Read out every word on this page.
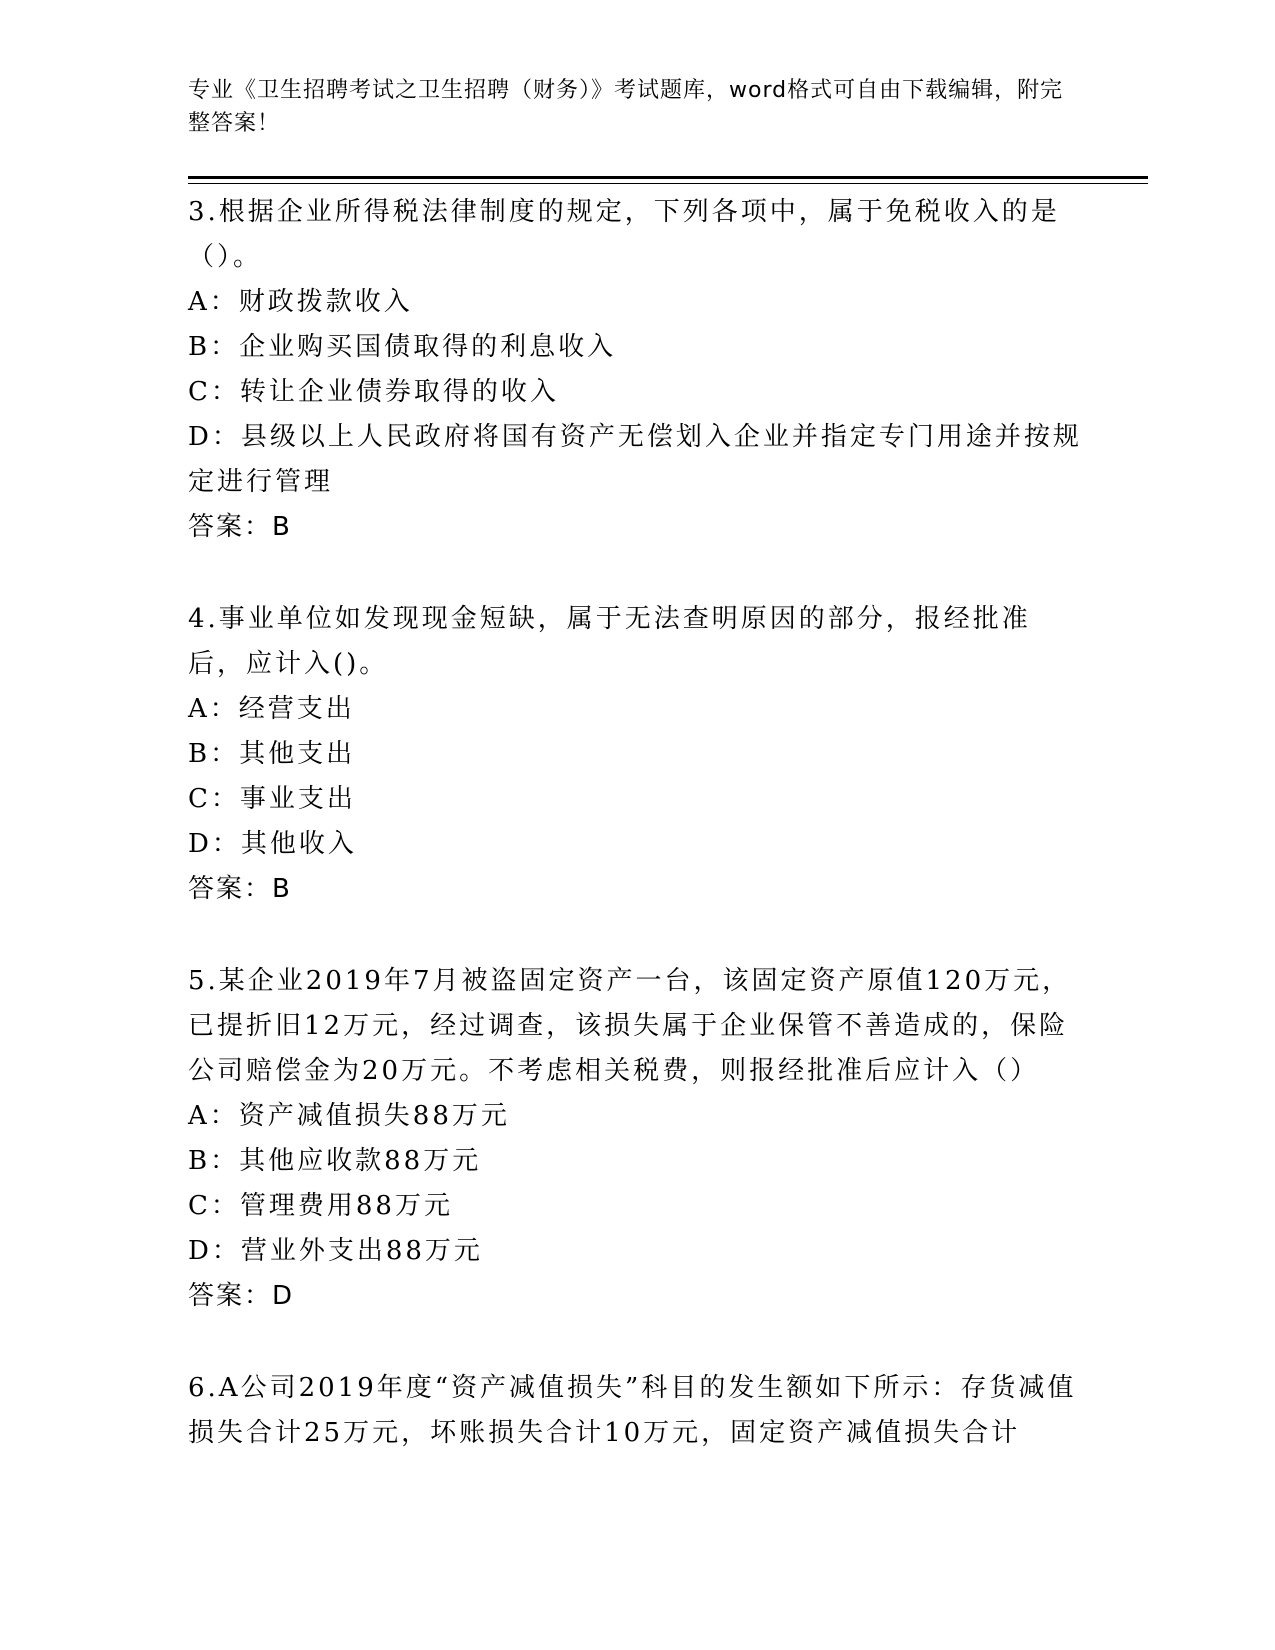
专业《卫生招聘考试之卫生招聘（财务）》考试题库，word格式可自由下载编辑，附完整答案！
3.根据企业所得税法律制度的规定，下列各项中，属于免税收入的是（）。
A：财政拨款收入
B：企业购买国债取得的利息收入
C：转让企业债券取得的收入
D：县级以上人民政府将国有资产无偿划入企业并指定专门用途并按规定进行管理
答案：B
4.事业单位如发现现金短缺，属于无法查明原因的部分，报经批准后，应计入()。
A：经营支出
B：其他支出
C：事业支出
D：其他收入
答案：B
5.某企业2019年7月被盗固定资产一台，该固定资产原值120万元，已提折旧12万元，经过调查，该损失属于企业保管不善造成的，保险公司赔偿金为20万元。不考虑相关税费，则报经批准后应计入（）
A：资产减值损失88万元
B：其他应收款88万元
C：管理费用88万元
D：营业外支出88万元
答案：D
6.A公司2019年度“资产减值损失”科目的发生额如下所示：存货减值损失合计25万元，坏账损失合计10万元，固定资产减值损失合计
